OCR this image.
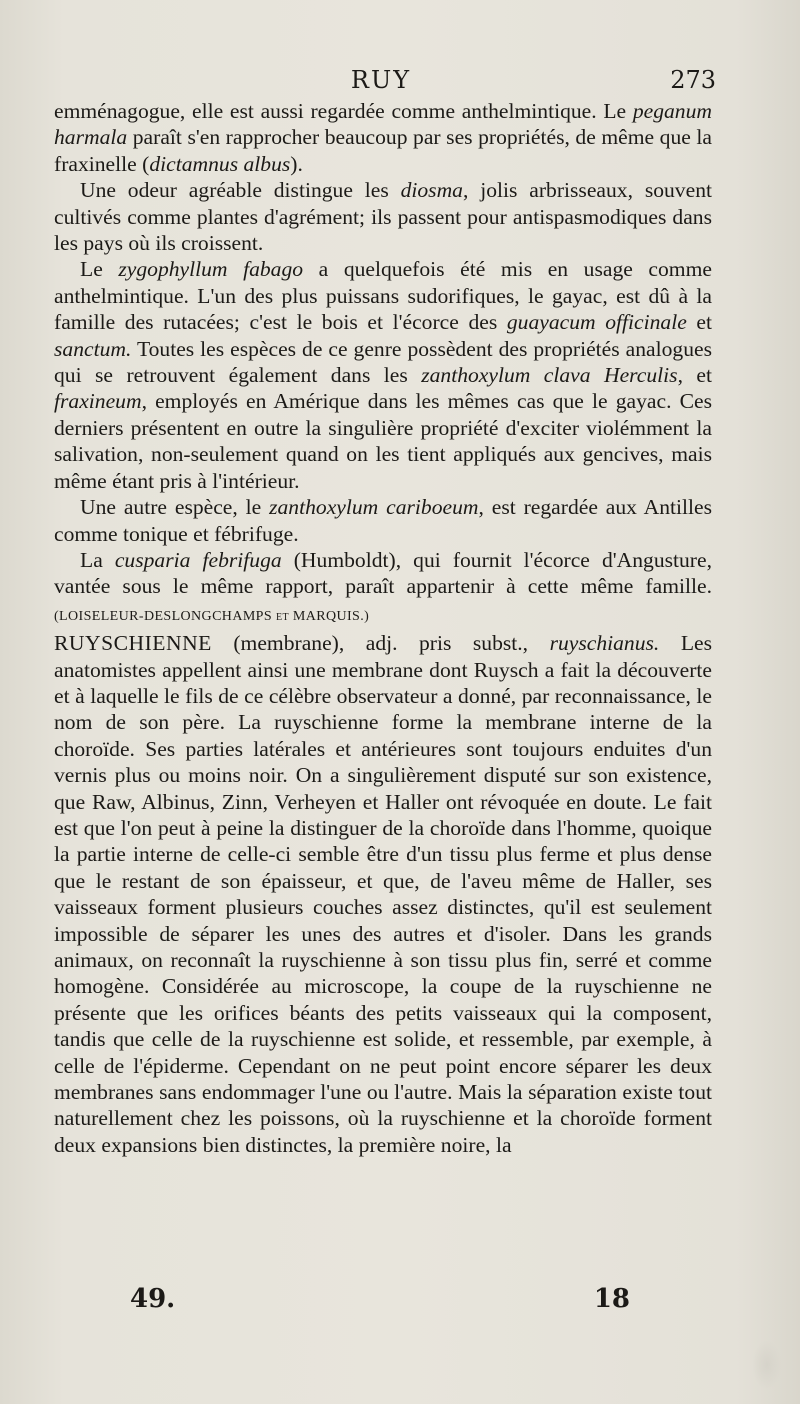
RUY	273

emménagogue, elle est aussi regardée comme anthelmintique. Le peganum harmala paraît s'en rapprocher beaucoup par ses propriétés, de même que la fraxinelle (dictamnus albus).

Une odeur agréable distingue les diosma, jolis arbrisseaux, souvent cultivés comme plantes d'agrément; ils passent pour antispasmodiques dans les pays où ils croissent.

Le zygophyllum fabago a quelquefois été mis en usage comme anthelmintique. L'un des plus puissans sudorifiques, le gayac, est dû à la famille des rutacées; c'est le bois et l'écorce des guayacum officinale et sanctum. Toutes les espèces de ce genre possèdent des propriétés analogues qui se retrouvent également dans les zanthoxylum clava Herculis, et fraxineum, employés en Amérique dans les mêmes cas que le gayac. Ces derniers présentent en outre la singulière propriété d'exciter violémment la salivation, non-seulement quand on les tient appliqués aux gencives, mais même étant pris à l'intérieur.

Une autre espèce, le zanthoxylum cariboeum, est regardée aux Antilles comme tonique et fébrifuge.

La cusparia febrifuga (Humboldt), qui fournit l'écorce d'Angusture, vantée sous le même rapport, paraît appartenir à cette même famille. (LOISELEUR-DESLONGCHAMPS et MARQUIS.)

RUYSCHIENNE (membrane), adj. pris subst., ruyschianus. Les anatomistes appellent ainsi une membrane dont Ruysch a fait la découverte et à laquelle le fils de ce célèbre observateur a donné, par reconnaissance, le nom de son père. La ruyschienne forme la membrane interne de la choroïde. Ses parties latérales et antérieures sont toujours enduites d'un vernis plus ou moins noir. On a singulièrement disputé sur son existence, que Raw, Albinus, Zinn, Verheyen et Haller ont révoquée en doute. Le fait est que l'on peut à peine la distinguer de la choroïde dans l'homme, quoique la partie interne de celle-ci semble être d'un tissu plus ferme et plus dense que le restant de son épaisseur, et que, de l'aveu même de Haller, ses vaisseaux forment plusieurs couches assez distinctes, qu'il est seulement impossible de séparer les unes des autres et d'isoler. Dans les grands animaux, on reconnaît la ruyschienne à son tissu plus fin, serré et comme homogène. Considérée au microscope, la coupe de la ruyschienne ne présente que les orifices béants des petits vaisseaux qui la composent, tandis que celle de la ruyschienne est solide, et ressemble, par exemple, à celle de l'épiderme. Cependant on ne peut point encore séparer les deux membranes sans endommager l'une ou l'autre. Mais la séparation existe tout naturellement chez les poissons, où la ruyschienne et la choroïde forment deux expansions bien distinctes, la première noire, la

49.	18
